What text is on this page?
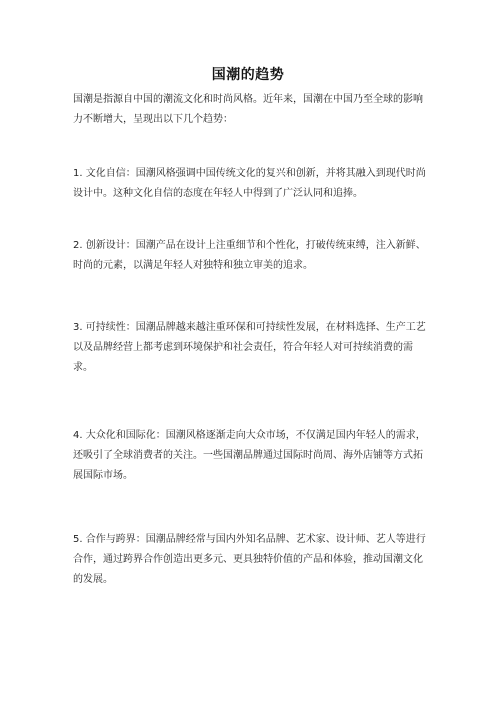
国潮的趋势

国潮是指源自中国的潮流文化和时尚风格。近年来，国潮在中国乃至全球的影响力不断增大，呈现出以下几个趋势：

1. 文化自信：国潮风格强调中国传统文化的复兴和创新，并将其融入到现代时尚设计中。这种文化自信的态度在年轻人中得到了广泛认同和追捧。

2. 创新设计：国潮产品在设计上注重细节和个性化，打破传统束缚，注入新鲜、时尚的元素，以满足年轻人对独特和独立审美的追求。

3. 可持续性：国潮品牌越来越注重环保和可持续性发展，在材料选择、生产工艺以及品牌经营上都考虑到环境保护和社会责任，符合年轻人对可持续消费的需求。

4. 大众化和国际化：国潮风格逐渐走向大众市场，不仅满足国内年轻人的需求，还吸引了全球消费者的关注。一些国潮品牌通过国际时尚周、海外店铺等方式拓展国际市场。

5. 合作与跨界：国潮品牌经常与国内外知名品牌、艺术家、设计师、艺人等进行合作，通过跨界合作创造出更多元、更具独特价值的产品和体验，推动国潮文化的发展。
